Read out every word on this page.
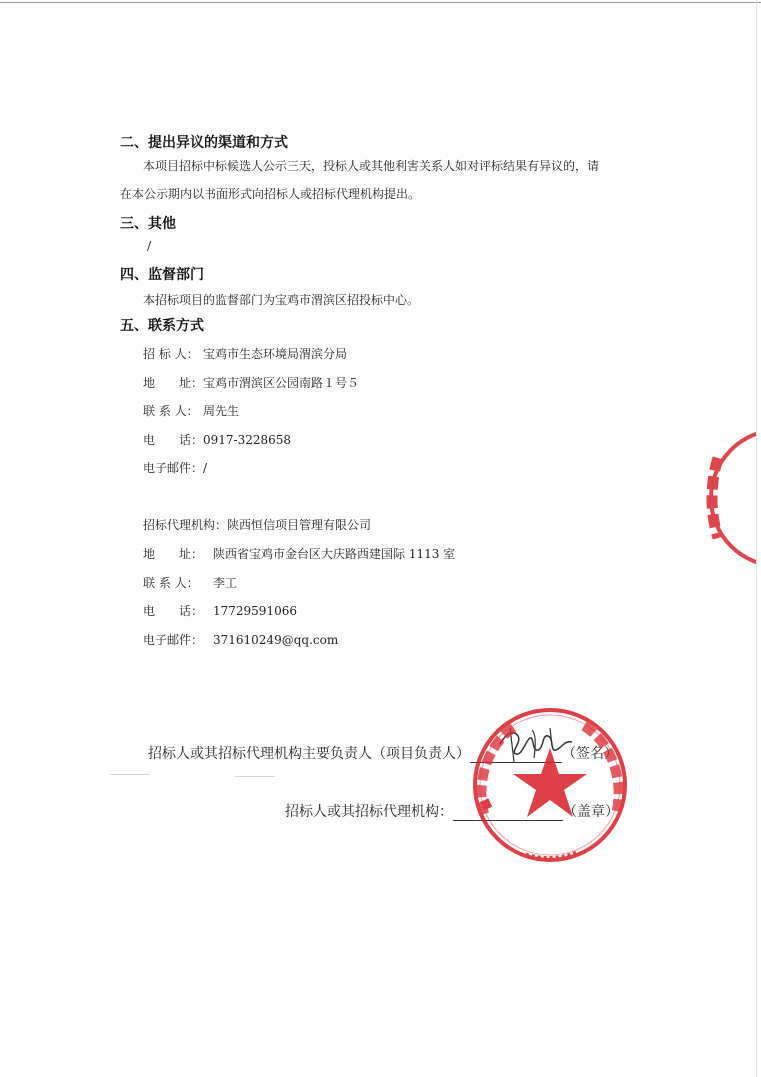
二、提出异议的渠道和方式
本项目招标中标候选人公示三天，投标人或其他利害关系人如对评标结果有异议的，请
在本公示期内以书面形式向招标人或招标代理机构提出。
三、其他
/
四、监督部门
本招标项目的监督部门为宝鸡市渭滨区招投标中心。
五、联系方式
招 标 人： 宝鸡市生态环境局渭滨分局
地　　址：宝鸡市渭滨区公园南路１号５
联 系 人： 周先生
电　　话：0917-3228658
电子邮件：/
招标代理机构：陕西恒信项目管理有限公司
地　　址： 陕西省宝鸡市金台区大庆路西建国际 1113 室
联 系 人： 李工
电　　话： 17729591066
电子邮件： 371610249@qq.com
招标人或其招标代理机构主要负责人（项目负责人）	（签名）
招标人或其招标代理机构：	（盖章）
◆
